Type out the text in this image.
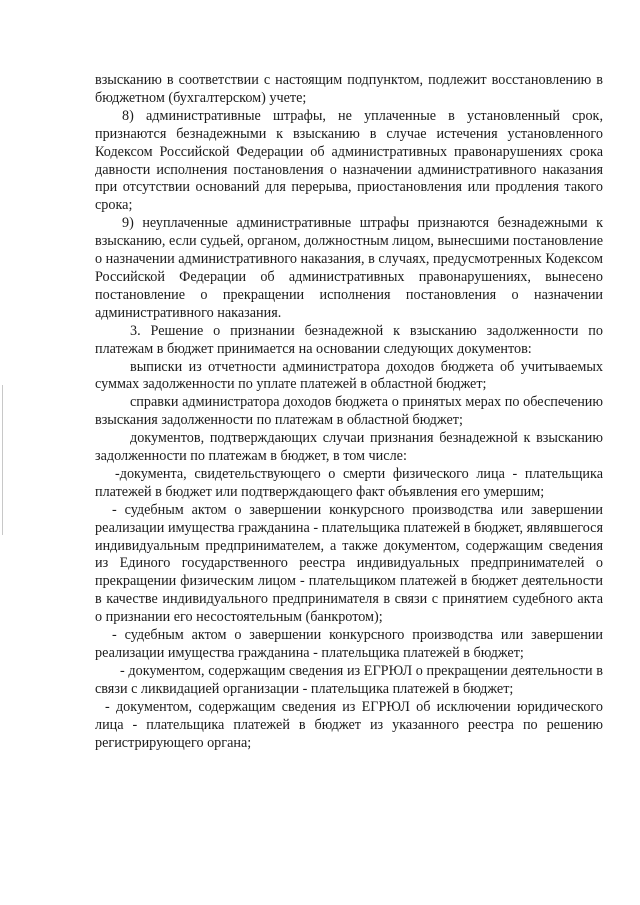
взысканию в соответствии с настоящим подпунктом, подлежит восстановлению в бюджетном (бухгалтерском) учете;

8) административные штрафы, не уплаченные в установленный срок, признаются безнадежными к взысканию в случае истечения установленного Кодексом Российской Федерации об административных правонарушениях срока давности исполнения постановления о назначении административного наказания при отсутствии оснований для перерыва, приостановления или продления такого срока;

9) неуплаченные административные штрафы признаются безнадежными к взысканию, если судьей, органом, должностным лицом, вынесшими постановление о назначении административного наказания, в случаях, предусмотренных Кодексом Российской Федерации об административных правонарушениях, вынесено постановление о прекращении исполнения постановления о назначении административного наказания.

3. Решение о признании безнадежной к взысканию задолженности по платежам в бюджет принимается на основании следующих документов:

выписки из отчетности администратора доходов бюджета об учитываемых суммах задолженности по уплате платежей в областной бюджет;

справки администратора доходов бюджета о принятых мерах по обеспечению взыскания задолженности по платежам в областной бюджет;

документов, подтверждающих случаи признания безнадежной к взысканию задолженности по платежам в бюджет, в том числе:

-документа, свидетельствующего о смерти физического лица - плательщика платежей в бюджет или подтверждающего факт объявления его умершим;

- судебным актом о завершении конкурсного производства или завершении реализации имущества гражданина - плательщика платежей в бюджет, являвшегося индивидуальным предпринимателем, а также документом, содержащим сведения из Единого государственного реестра индивидуальных предпринимателей о прекращении физическим лицом - плательщиком платежей в бюджет деятельности в качестве индивидуального предпринимателя в связи с принятием судебного акта о признании его несостоятельным (банкротом);

- судебным актом о завершении конкурсного производства или завершении реализации имущества гражданина - плательщика платежей в бюджет;

- документом, содержащим сведения из ЕГРЮЛ о прекращении деятельности в связи с ликвидацией организации - плательщика платежей в бюджет;

- документом, содержащим сведения из ЕГРЮЛ об исключении юридического лица - плательщика платежей в бюджет из указанного реестра по решению регистрирующего органа;
